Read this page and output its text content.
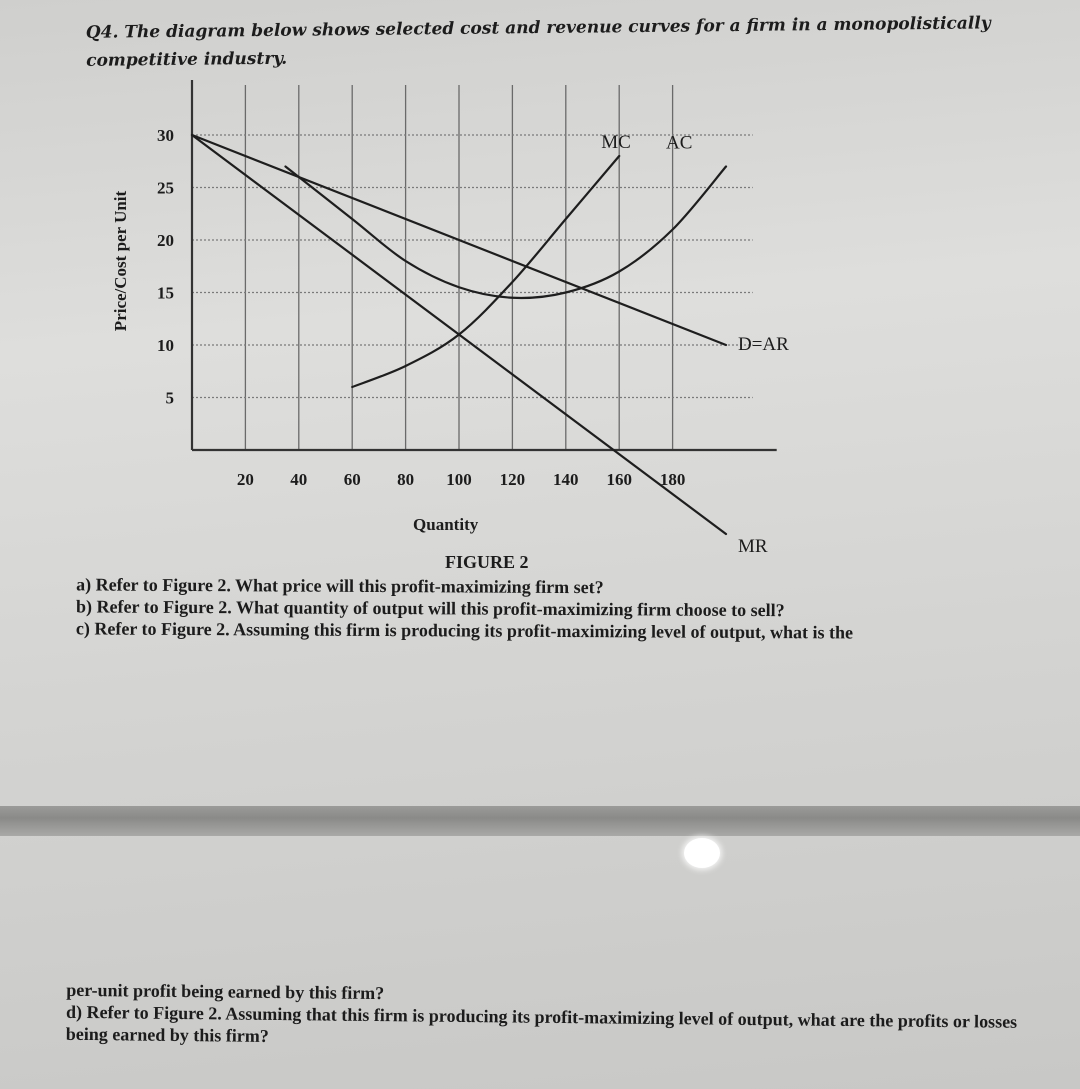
Q4. The diagram below shows selected cost and revenue curves for a firm in a monopolistically competitive industry.
20 40 60 80 100 120 140 160 180
5
10
15
20
25
30
Quantity
Price/Cost per Unit
MC AC
D=AR
MR
FIGURE 2
a) Refer to Figure 2. What price will this profit-maximizing firm set?
b) Refer to Figure 2. What quantity of output will this profit-maximizing firm choose to sell?
c) Refer to Figure 2. Assuming this firm is producing its profit-maximizing level of output, what is the
per-unit profit being earned by this firm?
d) Refer to Figure 2. Assuming that this firm is producing its profit-maximizing level of output, what are the profits or losses being earned by this firm?
